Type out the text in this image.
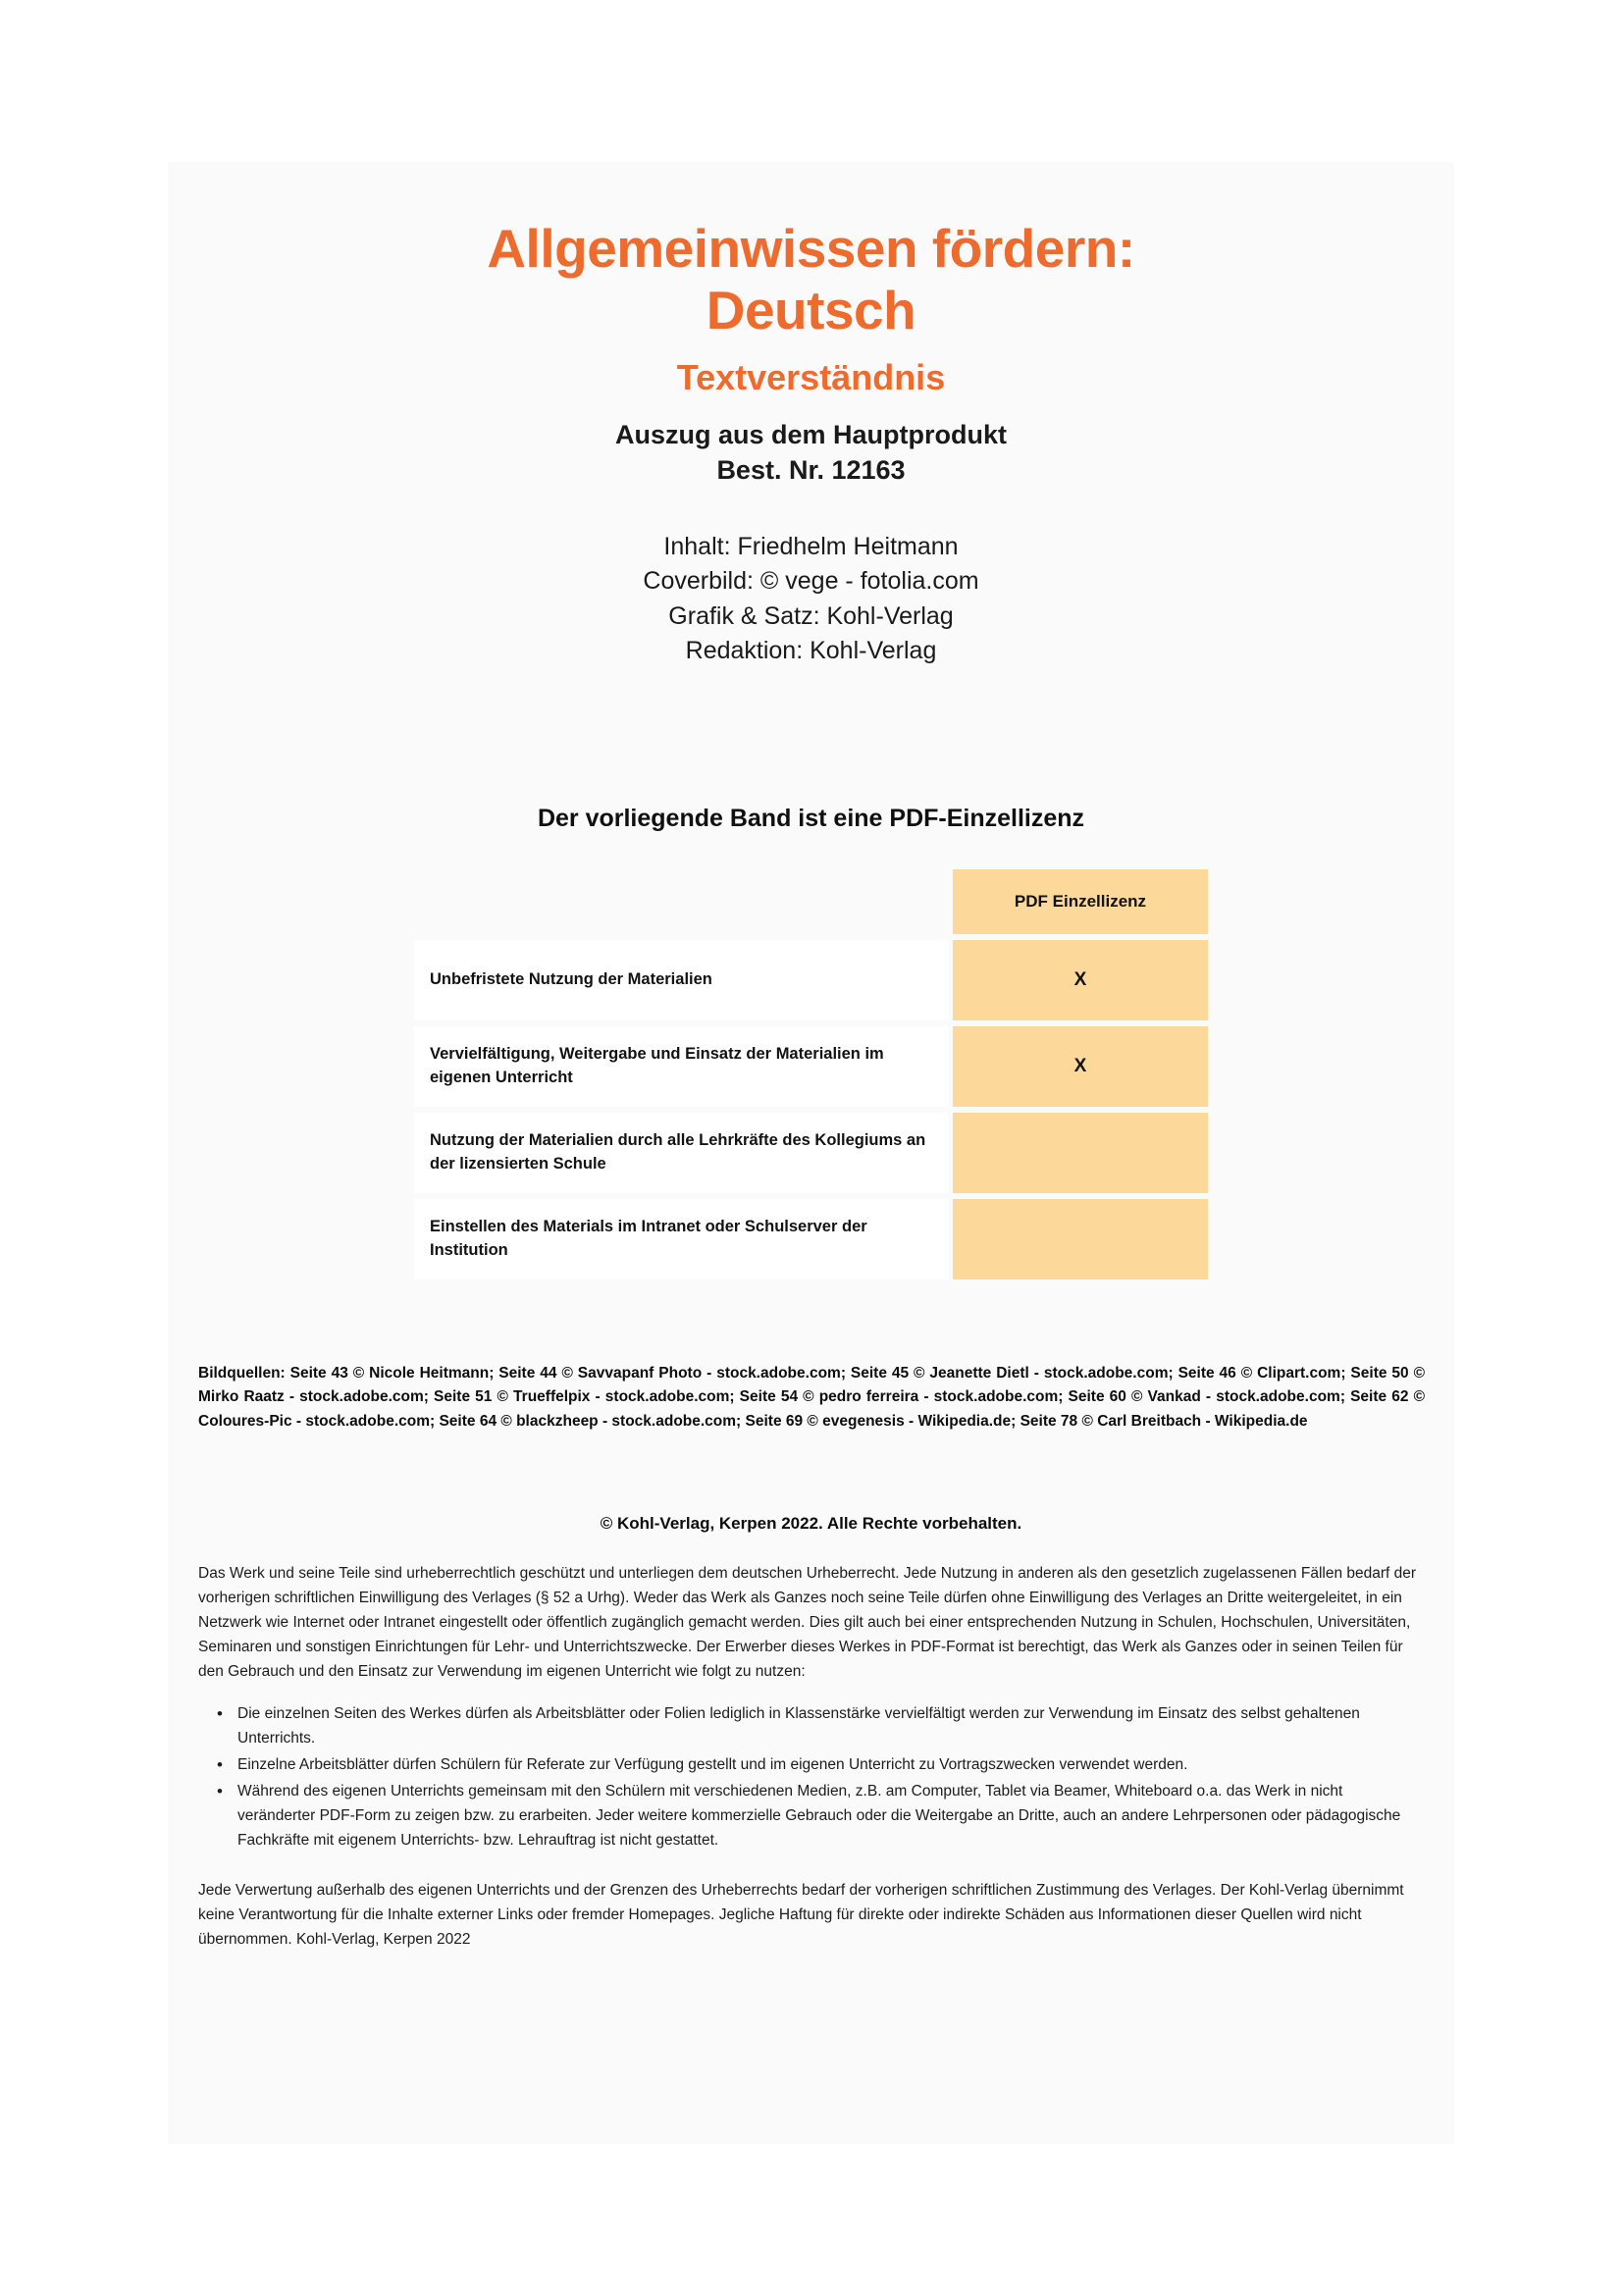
Allgemeinwissen fördern:
Deutsch
Textverständnis
Auszug aus dem Hauptprodukt
Best. Nr. 12163
Inhalt: Friedhelm Heitmann
Coverbild: © vege - fotolia.com
Grafik & Satz: Kohl-Verlag
Redaktion: Kohl-Verlag
Der vorliegende Band ist eine PDF-Einzellizenz

PDF Einzellizenz

Unbefristete Nutzung der Materialien	X

Vervielfältigung, Weitergabe und Einsatz der Materialien im eigenen Unterricht	X

Nutzung der Materialien durch alle Lehrkräfte des Kollegiums an der lizensierten Schule	

Einstellen des Materials im Intranet oder Schulserver der Institution	

Bildquellen: Seite 43 © Nicole Heitmann; Seite 44 © Savvapanf Photo - stock.adobe.com; Seite 45 © Jeanette Dietl - stock.adobe.com; Seite 46 © Clipart.com; Seite 50 © Mirko Raatz - stock.adobe.com; Seite 51 © Trueffelpix - stock.adobe.com; Seite 54 © pedro ferreira - stock.adobe.com; Seite 60 © Vankad - stock.adobe.com; Seite 62 © Coloures-Pic - stock.adobe.com; Seite 64 © blackzheep - stock.adobe.com; Seite 69 © evegenesis - Wikipedia.de; Seite 78 © Carl Breitbach - Wikipedia.de
© Kohl-Verlag, Kerpen 2022. Alle Rechte vorbehalten.

Das Werk und seine Teile sind urheberrechtlich geschützt und unterliegen dem deutschen Urheberrecht. Jede Nutzung in anderen als den gesetzlich zugelassenen Fällen bedarf der vorherigen schriftlichen Einwilligung des Verlages (§ 52 a Urhg). Weder das Werk als Ganzes noch seine Teile dürfen ohne Einwilligung des Verlages an Dritte weitergeleitet, in ein Netzwerk wie Internet oder Intranet eingestellt oder öffentlich zugänglich gemacht werden. Dies gilt auch bei einer entsprechenden Nutzung in Schulen, Hochschulen, Universitäten, Seminaren und sonstigen Einrichtungen für Lehr- und Unterrichtszwecke. Der Erwerber dieses Werkes in PDF-Format ist berechtigt, das Werk als Ganzes oder in seinen Teilen für den Gebrauch und den Einsatz zur Verwendung im eigenen Unterricht wie folgt zu nutzen:

• Die einzelnen Seiten des Werkes dürfen als Arbeitsblätter oder Folien lediglich in Klassenstärke vervielfältigt werden zur Verwendung im Einsatz des selbst gehaltenen Unterrichts.
• Einzelne Arbeitsblätter dürfen Schülern für Referate zur Verfügung gestellt und im eigenen Unterricht zu Vortragszwecken verwendet werden.
• Während des eigenen Unterrichts gemeinsam mit den Schülern mit verschiedenen Medien, z.B. am Computer, Tablet via Beamer, Whiteboard o.a. das Werk in nicht veränderter PDF-Form zu zeigen bzw. zu erarbeiten. Jeder weitere kommerzielle Gebrauch oder die Weitergabe an Dritte, auch an andere Lehrpersonen oder pädagogische Fachkräfte mit eigenem Unterrichts- bzw. Lehrauftrag ist nicht gestattet.

Jede Verwertung außerhalb des eigenen Unterrichts und der Grenzen des Urheberrechts bedarf der vorherigen schriftlichen Zustimmung des Verlages. Der Kohl-Verlag übernimmt keine Verantwortung für die Inhalte externer Links oder fremder Homepages. Jegliche Haftung für direkte oder indirekte Schäden aus Informationen dieser Quellen wird nicht übernommen. Kohl-Verlag, Kerpen 2022
